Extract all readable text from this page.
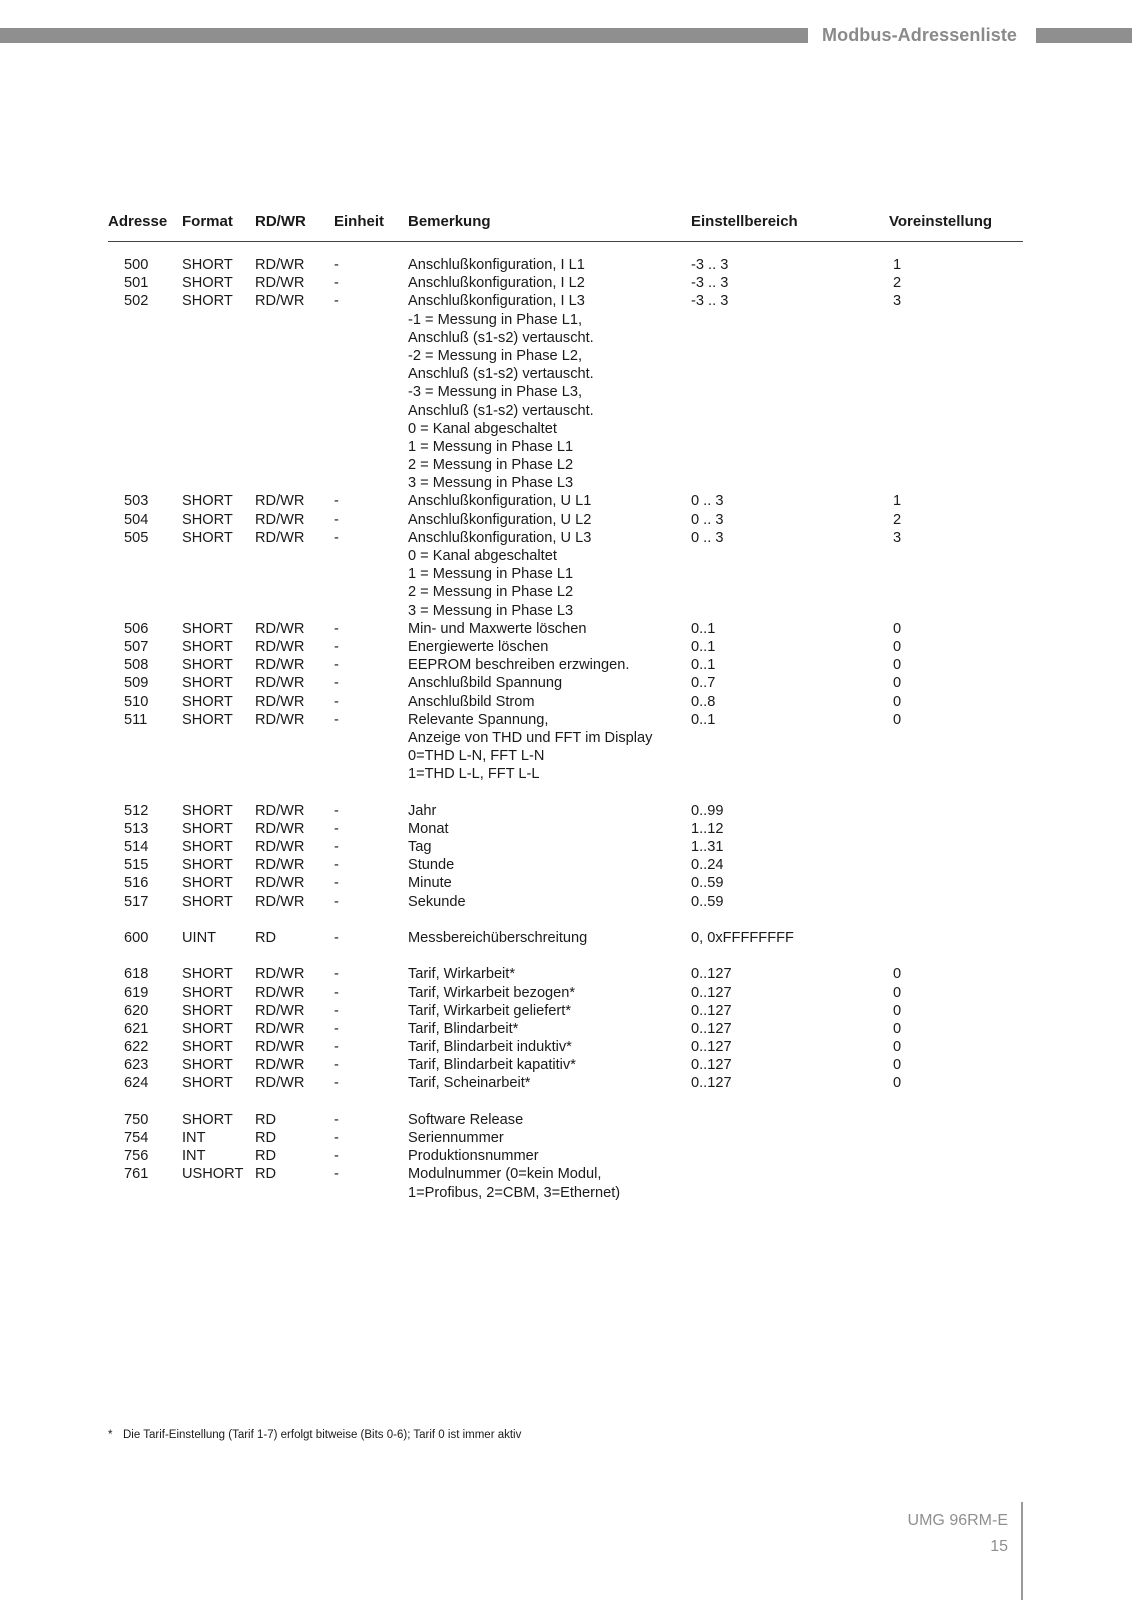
Modbus-Adressenliste
Adresse Format RD/WR Einheit Bemerkung	Einstellbereich	Voreinstellung
500 SHORT RD/WR -	Anschlußkonfiguration, I L1	-3 .. 3	1
501 SHORT RD/WR -	Anschlußkonfiguration, I L2	-3 .. 3	2
502 SHORT RD/WR -	Anschlußkonfiguration, I L3	-3 .. 3	3
-1 = Messung in Phase L1,
Anschluß (s1-s2) vertauscht.
-2 = Messung in Phase L2,
Anschluß (s1-s2) vertauscht.
-3 = Messung in Phase L3,
Anschluß (s1-s2) vertauscht.
0 = Kanal abgeschaltet
1 = Messung in Phase L1
2 = Messung in Phase L2
3 = Messung in Phase L3
503 SHORT RD/WR -	Anschlußkonfiguration, U L1	0 .. 3	1
504 SHORT RD/WR -	Anschlußkonfiguration, U L2	0 .. 3	2
505 SHORT RD/WR -	Anschlußkonfiguration, U L3	0 .. 3	3
0 = Kanal abgeschaltet
1 = Messung in Phase L1
2 = Messung in Phase L2
3 = Messung in Phase L3
506 SHORT RD/WR -	Min- und Maxwerte löschen	0..1	0
507 SHORT RD/WR -	Energiewerte löschen	0..1	0
508 SHORT RD/WR -	EEPROM beschreiben erzwingen.	0..1	0
509 SHORT RD/WR -	Anschlußbild Spannung	0..7	0
510 SHORT RD/WR -	Anschlußbild Strom	0..8	0
511 SHORT RD/WR -	Relevante Spannung,	0..1	0
Anzeige von THD und FFT im Display
0=THD L-N, FFT L-N
1=THD L-L, FFT L-L
512 SHORT RD/WR -	Jahr	0..99
513 SHORT RD/WR -	Monat	1..12
514 SHORT RD/WR -	Tag	1..31
515 SHORT RD/WR -	Stunde	0..24
516 SHORT RD/WR -	Minute	0..59
517 SHORT RD/WR -	Sekunde	0..59
600 UINT	RD	-	Messbereichüberschreitung	0, 0xFFFFFFFF
618 SHORT RD/WR -	Tarif, Wirkarbeit*	0..127	0
619 SHORT RD/WR -	Tarif, Wirkarbeit bezogen*	0..127	0
620 SHORT RD/WR -	Tarif, Wirkarbeit geliefert*	0..127	0
621 SHORT RD/WR -	Tarif, Blindarbeit*	0..127	0
622 SHORT RD/WR -	Tarif, Blindarbeit induktiv*	0..127	0
623 SHORT RD/WR -	Tarif, Blindarbeit kapatitiv*	0..127	0
624 SHORT RD/WR -	Tarif, Scheinarbeit*	0..127	0
750 SHORT RD	-	Software Release
754 INT	RD	-	Seriennummer
756 INT	RD	-	Produktionsnummer
761 USHORT RD	-	Modulnummer (0=kein Modul,
1=Profibus, 2=CBM, 3=Ethernet)
* Die Tarif-Einstellung (Tarif 1-7) erfolgt bitweise (Bits 0-6); Tarif 0 ist immer aktiv
UMG 96RM-E
15
